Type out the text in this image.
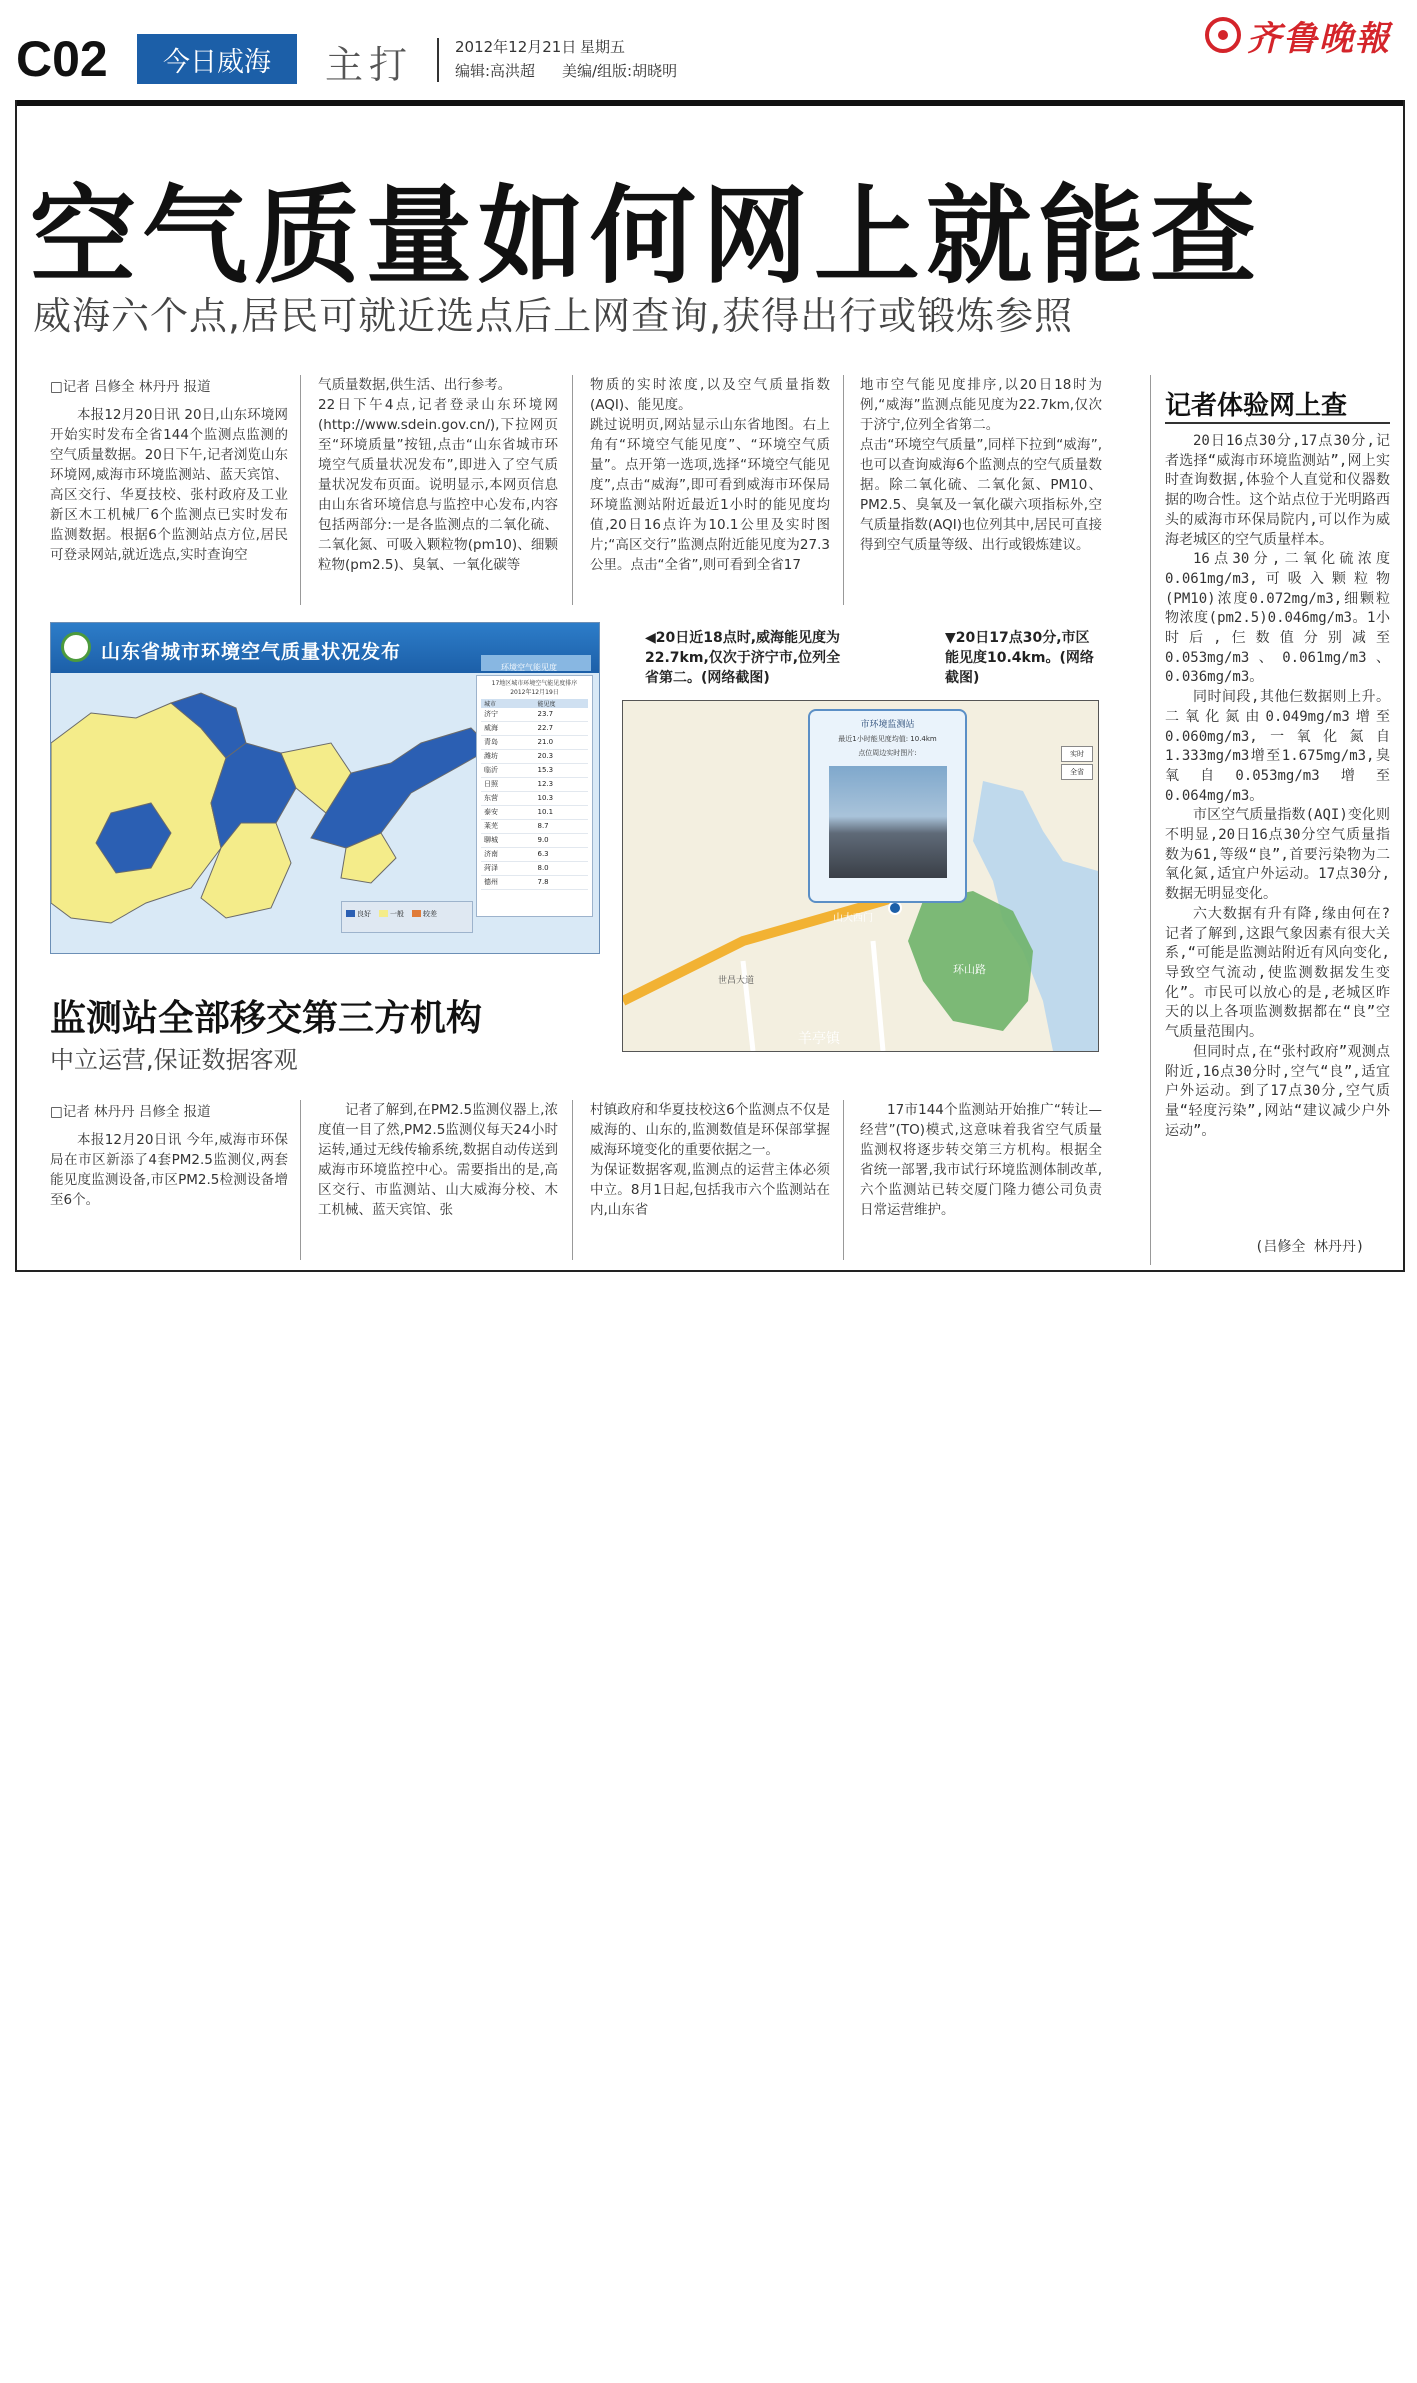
C02 今日威海 主打	2012年12月21日 星期五
编辑:高洪超 美编/组版:胡晓明
齐鲁晚報
空气质量如何网上就能查
威海六个点,居民可就近选点后上网查询,获得出行或锻炼参照
□记者 吕修全 林丹丹 报道

本报12月20日讯 20日,山东环境网开始实时发布全省144个监测点监测的空气质量数据。20日下午,记者浏览山东环境网,威海市环境监测站、蓝天宾馆、高区交行、华夏技校、张村政府及工业新区木工机械厂6个监测点已实时发布监测数据。根据6个监测站点方位,居民可登录网站,就近选点,实时查询空

气质量数据,供生活、出行参考。
22日下午4点,记者登录山东环境网(http://www.sdein.gov.cn/),下拉网页至“环境质量”按钮,点击“山东省城市环境空气质量状况发布”,即进入了空气质量状况发布页面。说明显示,本网页信息由山东省环境信息与监控中心发布,内容包括两部分:一是各监测点的二氧化硫、二氧化氮、可吸入颗粒物(pm10)、细颗粒物(pm2.5)、臭氧、一氧化碳等
物质的实时浓度,以及空气质量指数(AQI)、能见度。
跳过说明页,网站显示山东省地图。右上角有“环境空气能见度”、“环境空气质量”。点开第一选项,选择“环境空气能见度”,点击“威海”,即可看到威海市环保局环境监测站附近最近1小时的能见度均值,20日16点许为10.1公里及实时图片;“高区交行”监测点附近能见度为27.3公里。点击“全省”,则可看到全省17
地市空气能见度排序,以20日18时为例,“威海”监测点能见度为22.7km,仅次于济宁,位列全省第二。
点击“环境空气质量”,同样下拉到“威海”,也可以查询威海6个监测点的空气质量数据。除二氧化硫、二氧化氮、PM10、PM2.5、臭氧及一氧化碳六项指标外,空气质量指数(AQI)也位列其中,居民可直接得到空气质量等级、出行或锻炼建议。
山东省城市环境空气质量状况发布
环境空气能见度
17地区城市环境空气能见度排序
2012年12月19日
城市	能见度
济宁	23.7
威海	22.7
青岛	21.0
潍坊	20.3
临沂	15.3
日照	12.3
东营	10.3
泰安	10.1
莱芜	8.7
聊城	9.0
济南	6.3
菏泽	8.0
德州	7.8
良好	一般	较差
◀20日近18点时,威海能见度为22.7km,仅次于济宁市,位列全省第二。(网络截图)
▼20日17点30分,市区能见度10.4km。(网络截图)
市环境监测站
最近1小时能见度均值: 10.4km
点位周边实时图片:	实时
全省
羊亭镇
环山路
山大西门
世昌大道
监测站全部移交第三方机构
中立运营,保证数据客观
□记者 林丹丹 吕修全 报道

本报12月20日讯 今年,威海市环保局在市区新添了4套PM2.5监测仪,两套能见度监测设备,市区PM2.5检测设备增至6个。

记者了解到,在PM2.5监测仪器上,浓度值一目了然,PM2.5监测仪每天24小时运转,通过无线传输系统,数据自动传送到威海市环境监控中心。需要指出的是,高区交行、市监测站、山大威海分校、木工机械、蓝天宾馆、张

村镇政府和华夏技校这6个监测点不仅是威海的、山东的,监测数值是环保部掌握威海环境变化的重要依据之一。
为保证数据客观,监测点的运营主体必须中立。8月1日起,包括我市六个监测站在内,山东省

17市144个监测站开始推广“转让—经营”(TO)模式,这意味着我省空气质量监测权将逐步转交第三方机构。根据全省统一部署,我市试行环境监测体制改革,六个监测站已转交厦门隆力德公司负责日常运营维护。

记者体验网上查

20日16点30分,17点30分,记者选择“威海市环境监测站”,网上实时查询数据,体验个人直觉和仪器数据的吻合性。这个站点位于光明路西头的威海市环保局院内,可以作为威海老城区的空气质量样本。

16点30分,二氧化硫浓度0.061mg/m3,可吸入颗粒物(PM10)浓度0.072mg/m3,细颗粒物浓度(pm2.5)0.046mg/m3。1小时后,仨数值分别减至0.053mg/m3、0.061mg/m3、0.036mg/m3。

同时间段,其他仨数据则上升。二氧化氮由0.049mg/m3增至0.060mg/m3,一氧化氮自1.333mg/m3增至1.675mg/m3,臭氧自0.053mg/m3增至0.064mg/m3。

市区空气质量指数(AQI)变化则不明显,20日16点30分空气质量指数为61,等级“良”,首要污染物为二氧化氮,适宜户外运动。17点30分,数据无明显变化。

六大数据有升有降,缘由何在?记者了解到,这跟气象因素有很大关系,“可能是监测站附近有风向变化,导致空气流动,使监测数据发生变化”。市民可以放心的是,老城区昨天的以上各项监测数据都在“良”空气质量范围内。

但同时点,在“张村政府”观测点附近,16点30分时,空气“良”,适宜户外运动。到了17点30分,空气质量“轻度污染”,网站“建议减少户外运动”。

(吕修全 林丹丹)
